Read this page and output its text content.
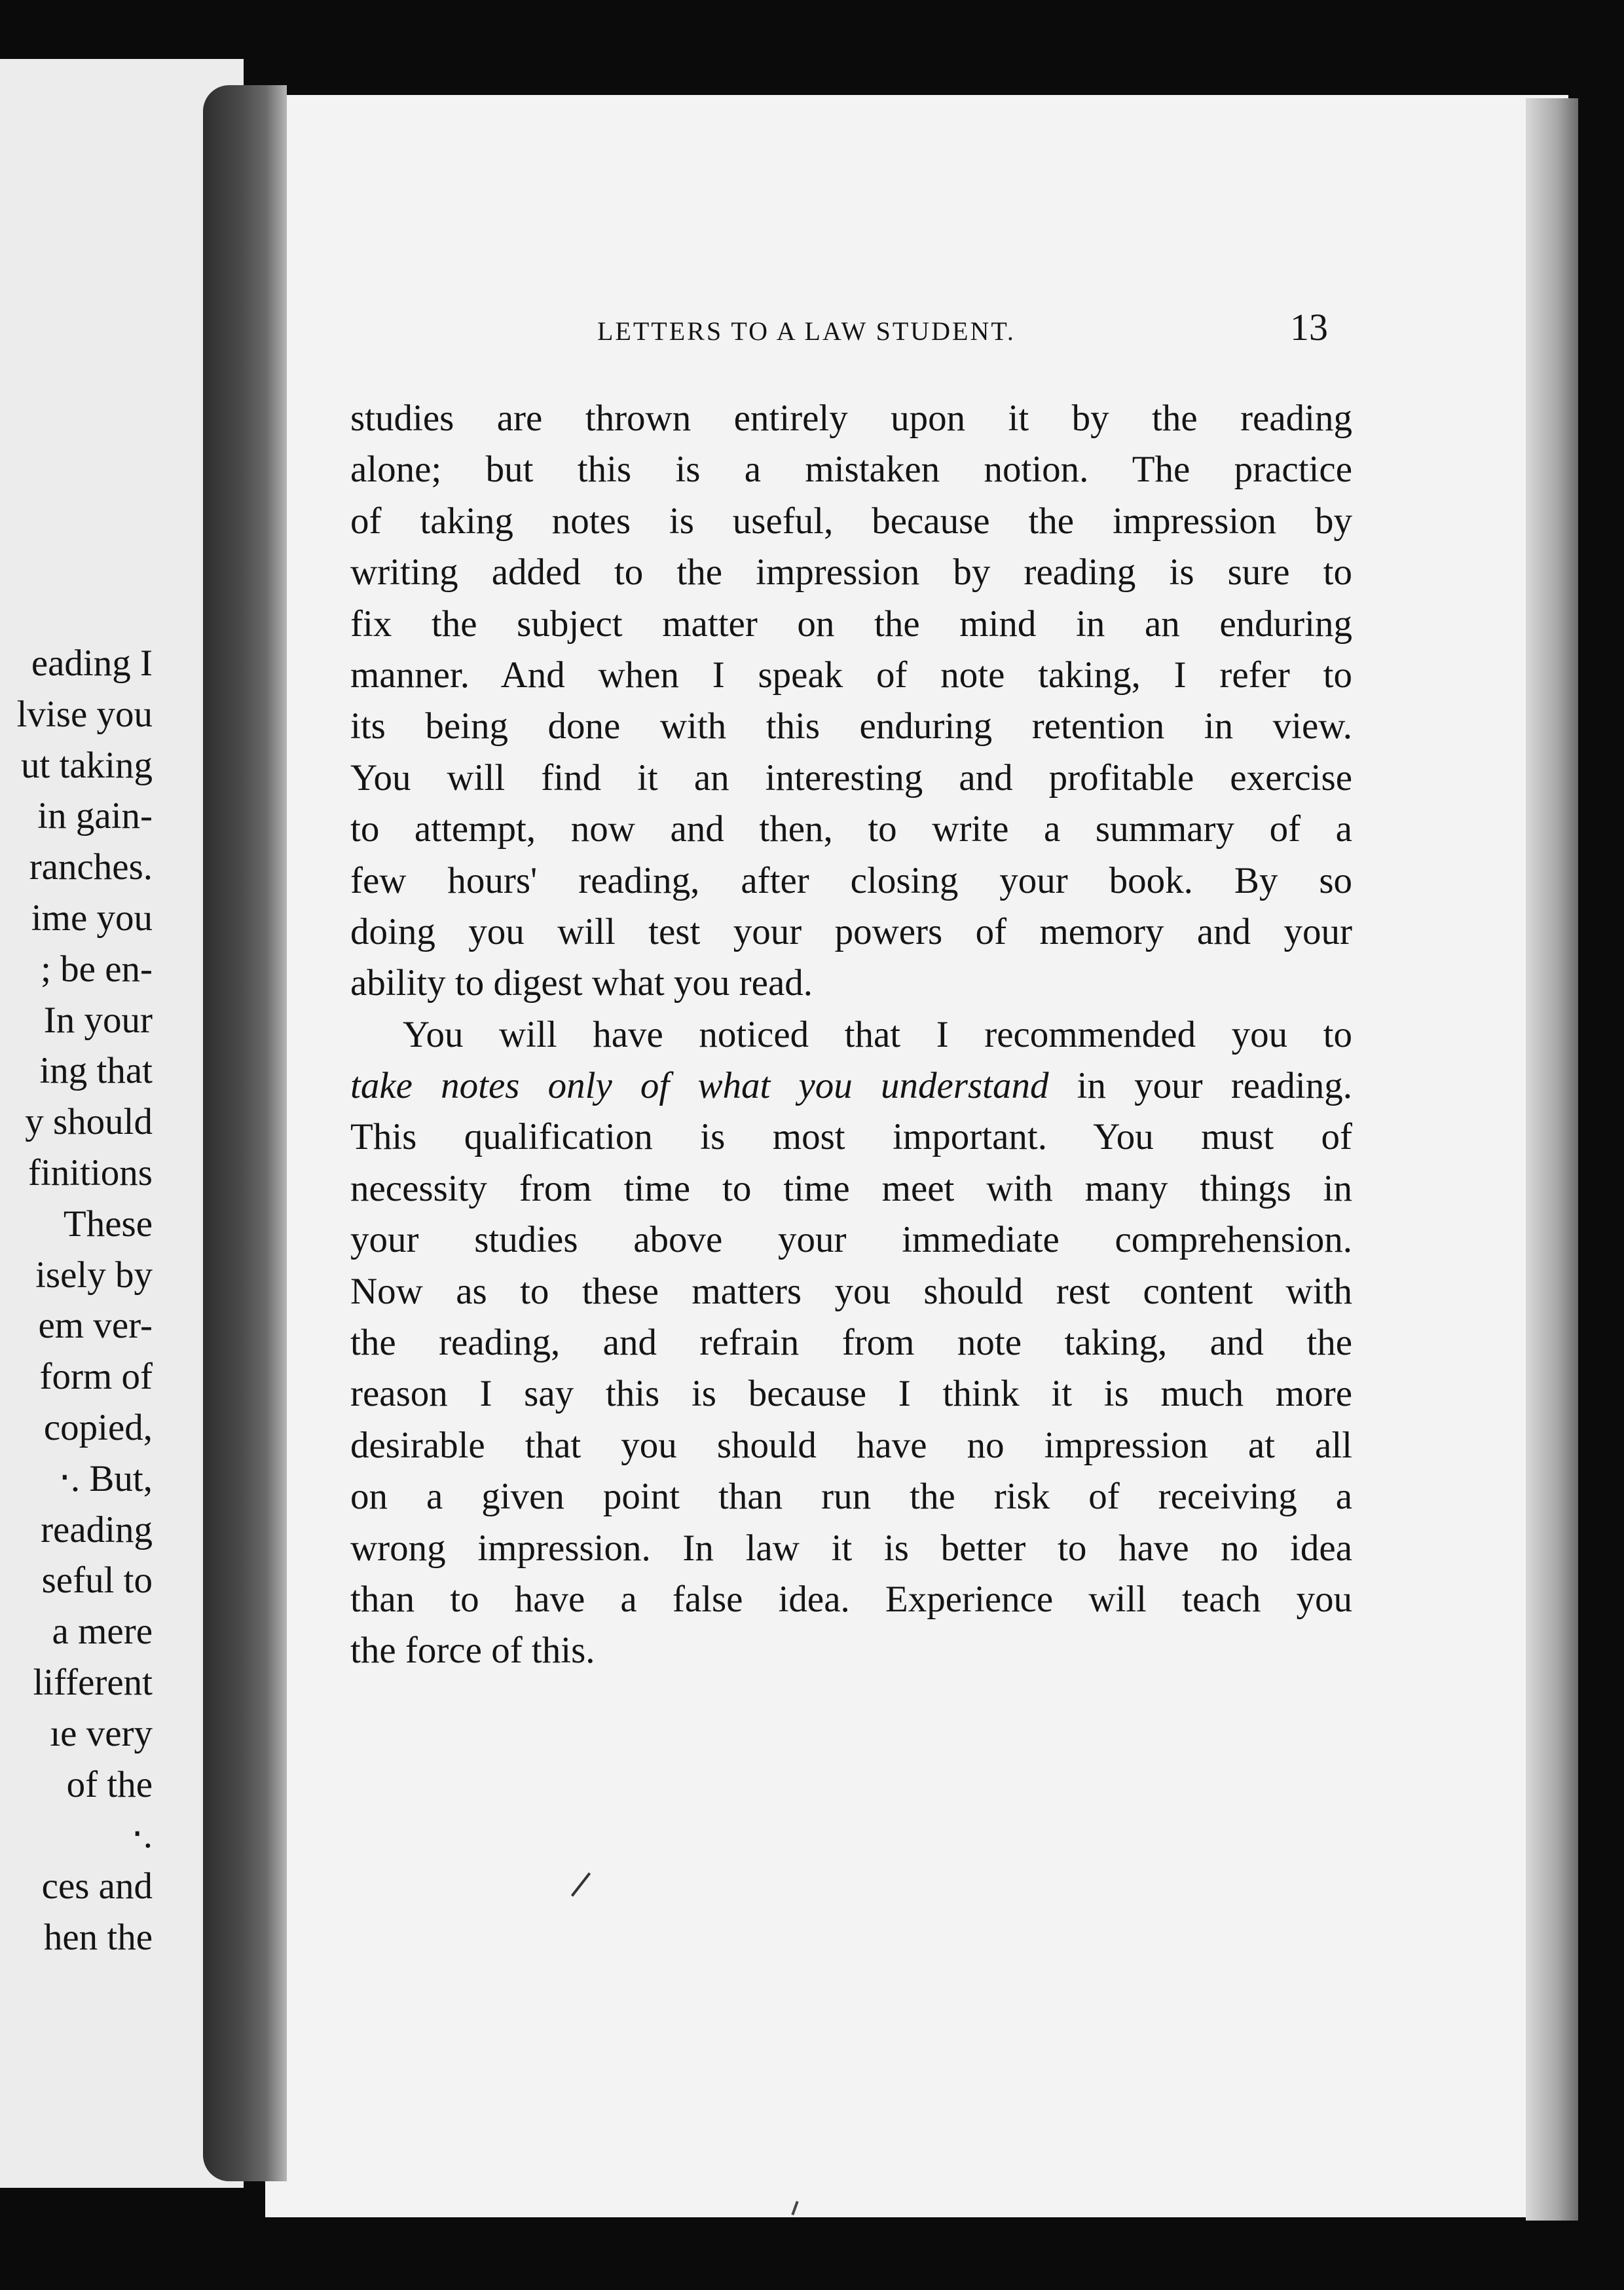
eading I
lvise you
ut taking
in gain-
ranches.
ime you
; be en-
In your
ing that
y should
finitions
These
isely by
em ver-
form of
copied,
‧. But,
reading
seful to
a mere
lifferent
ıe very
of the
‧.
ces and
hen the
LETTERS TO A LAW STUDENT.	13
studies are thrown entirely upon it by the reading
alone; but this is a mistaken notion. The practice
of taking notes is useful, because the impression by
writing added to the impression by reading is sure to
fix the subject matter on the mind in an enduring
manner. And when I speak of note taking, I refer to
its being done with this enduring retention in view.
You will find it an interesting and profitable exercise
to attempt, now and then, to write a summary of a
few hours' reading, after closing your book. By so
doing you will test your powers of memory and your
ability to digest what you read.
You will have noticed that I recommended you to
take notes only of what you understand in your reading.
This qualification is most important. You must of
necessity from time to time meet with many things in
your studies above your immediate comprehension.
Now as to these matters you should rest content with
the reading, and refrain from note taking, and the
reason I say this is because I think it is much more
desirable that you should have no impression at all
on a given point than run the risk of receiving a
wrong impression. In law it is better to have no idea
than to have a false idea. Experience will teach you
the force of this.
